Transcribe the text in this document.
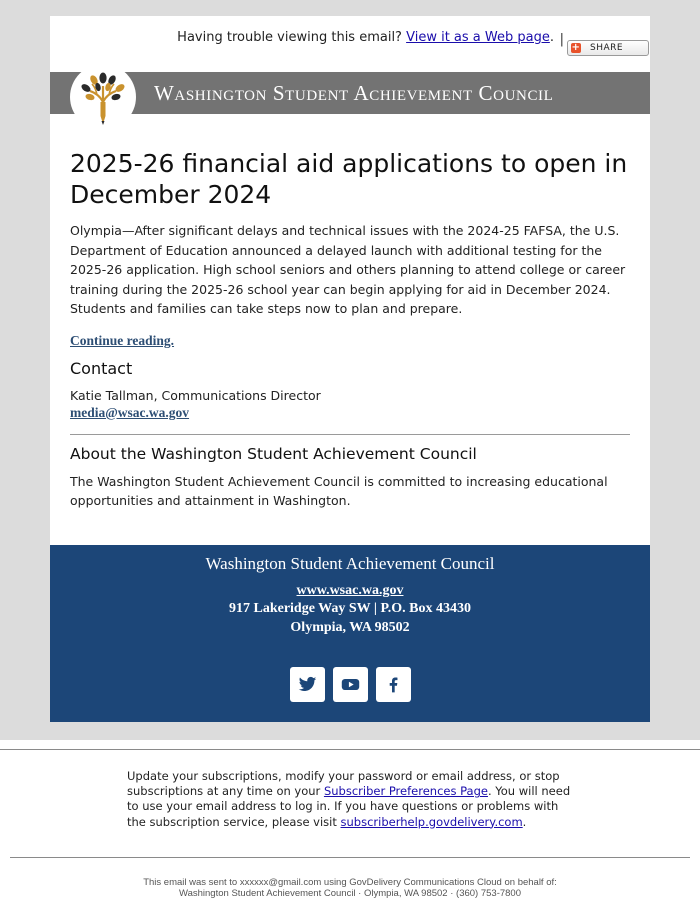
Having trouble viewing this email? View it as a Web page. |
+ SHARE
Washington Student Achievement Council
2025-26 financial aid applications to open in December 2024

Olympia—After significant delays and technical issues with the 2024-25 FAFSA, the U.S. Department of Education announced a delayed launch with additional testing for the 2025-26 application. High school seniors and others planning to attend college or career training during the 2025-26 school year can begin applying for aid in December 2024. Students and families can take steps now to plan and prepare.

Continue reading.
Contact
Katie Tallman, Communications Director
media@wsac.wa.gov
About the Washington Student Achievement Council
The Washington Student Achievement Council is committed to increasing educational opportunities and attainment in Washington.
Washington Student Achievement Council
www.wsac.wa.gov
917 Lakeridge Way SW | P.O. Box 43430
Olympia, WA 98502
Update your subscriptions, modify your password or email address, or stop subscriptions at any time on your Subscriber Preferences Page. You will need to use your email address to log in. If you have questions or problems with the subscription service, please visit subscriberhelp.govdelivery.com.
This email was sent to xxxxxx@gmail.com using GovDelivery Communications Cloud on behalf of:
Washington Student Achievement Council · Olympia, WA 98502 · (360) 753-7800
